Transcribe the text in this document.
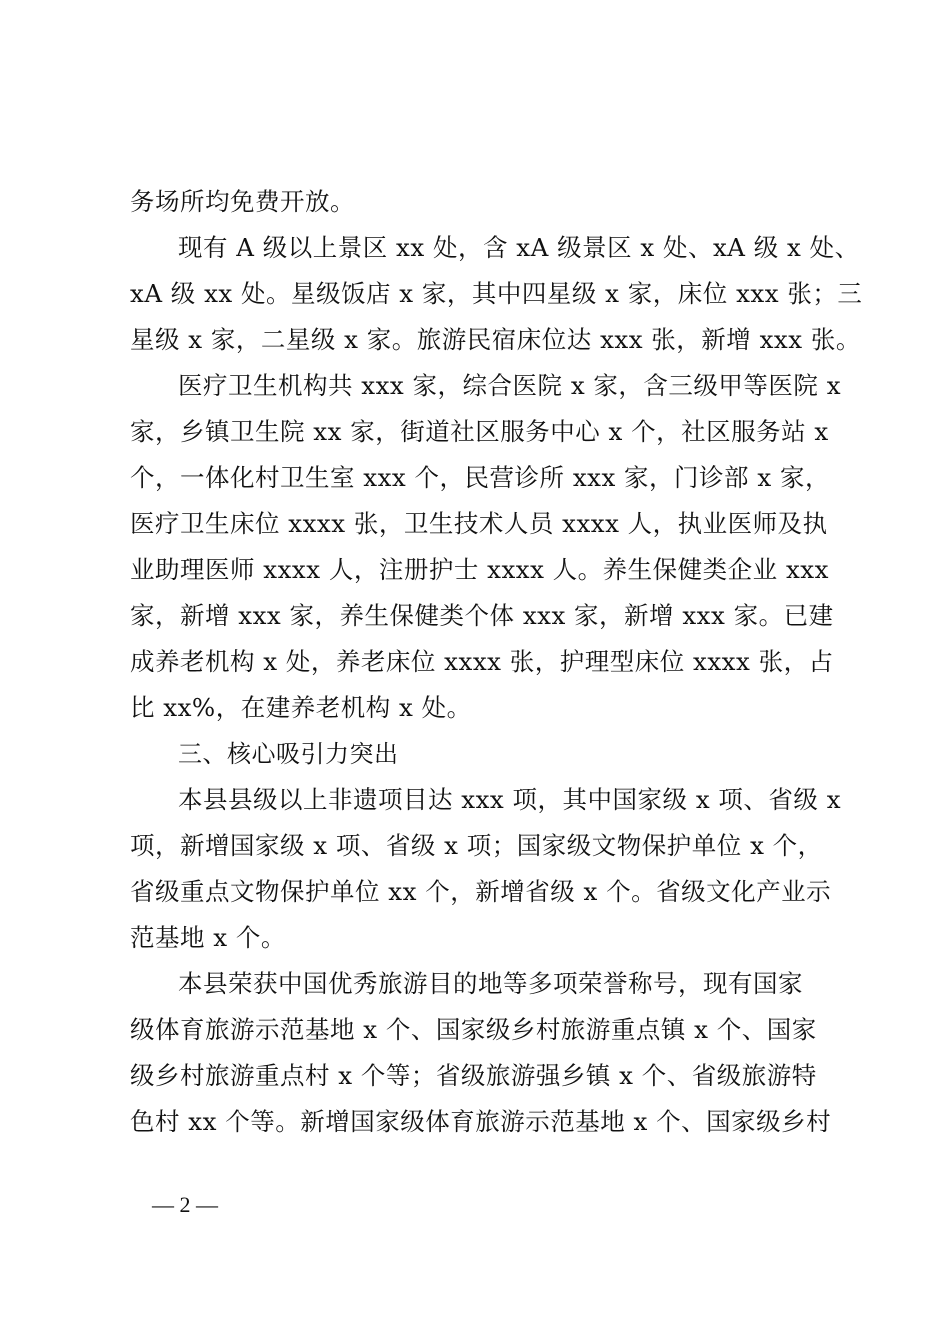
务场所均免费开放。
现有 A 级以上景区 xx 处，含 xA 级景区 x 处、xA 级 x 处、
xA 级 xx 处。星级饭店 x 家，其中四星级 x 家，床位 xxx 张；三
星级 x 家，二星级 x 家。旅游民宿床位达 xxx 张，新增 xxx 张。
医疗卫生机构共 xxx 家，综合医院 x 家，含三级甲等医院 x
家，乡镇卫生院 xx 家，街道社区服务中心 x 个，社区服务站 x
个，一体化村卫生室 xxx 个，民营诊所 xxx 家，门诊部 x 家，
医疗卫生床位 xxxx 张，卫生技术人员 xxxx 人，执业医师及执
业助理医师 xxxx 人，注册护士 xxxx 人。养生保健类企业 xxx
家，新增 xxx 家，养生保健类个体 xxx 家，新增 xxx 家。已建
成养老机构 x 处，养老床位 xxxx 张，护理型床位 xxxx 张，占
比 xx%，在建养老机构 x 处。
三、核心吸引力突出
本县县级以上非遗项目达 xxx 项，其中国家级 x 项、省级 x
项，新增国家级 x 项、省级 x 项；国家级文物保护单位 x 个，
省级重点文物保护单位 xx 个，新增省级 x 个。省级文化产业示
范基地 x 个。
本县荣获中国优秀旅游目的地等多项荣誉称号，现有国家
级体育旅游示范基地 x 个、国家级乡村旅游重点镇 x 个、国家
级乡村旅游重点村 x 个等；省级旅游强乡镇 x 个、省级旅游特
色村 xx 个等。新增国家级体育旅游示范基地 x 个、国家级乡村
— 2 —
